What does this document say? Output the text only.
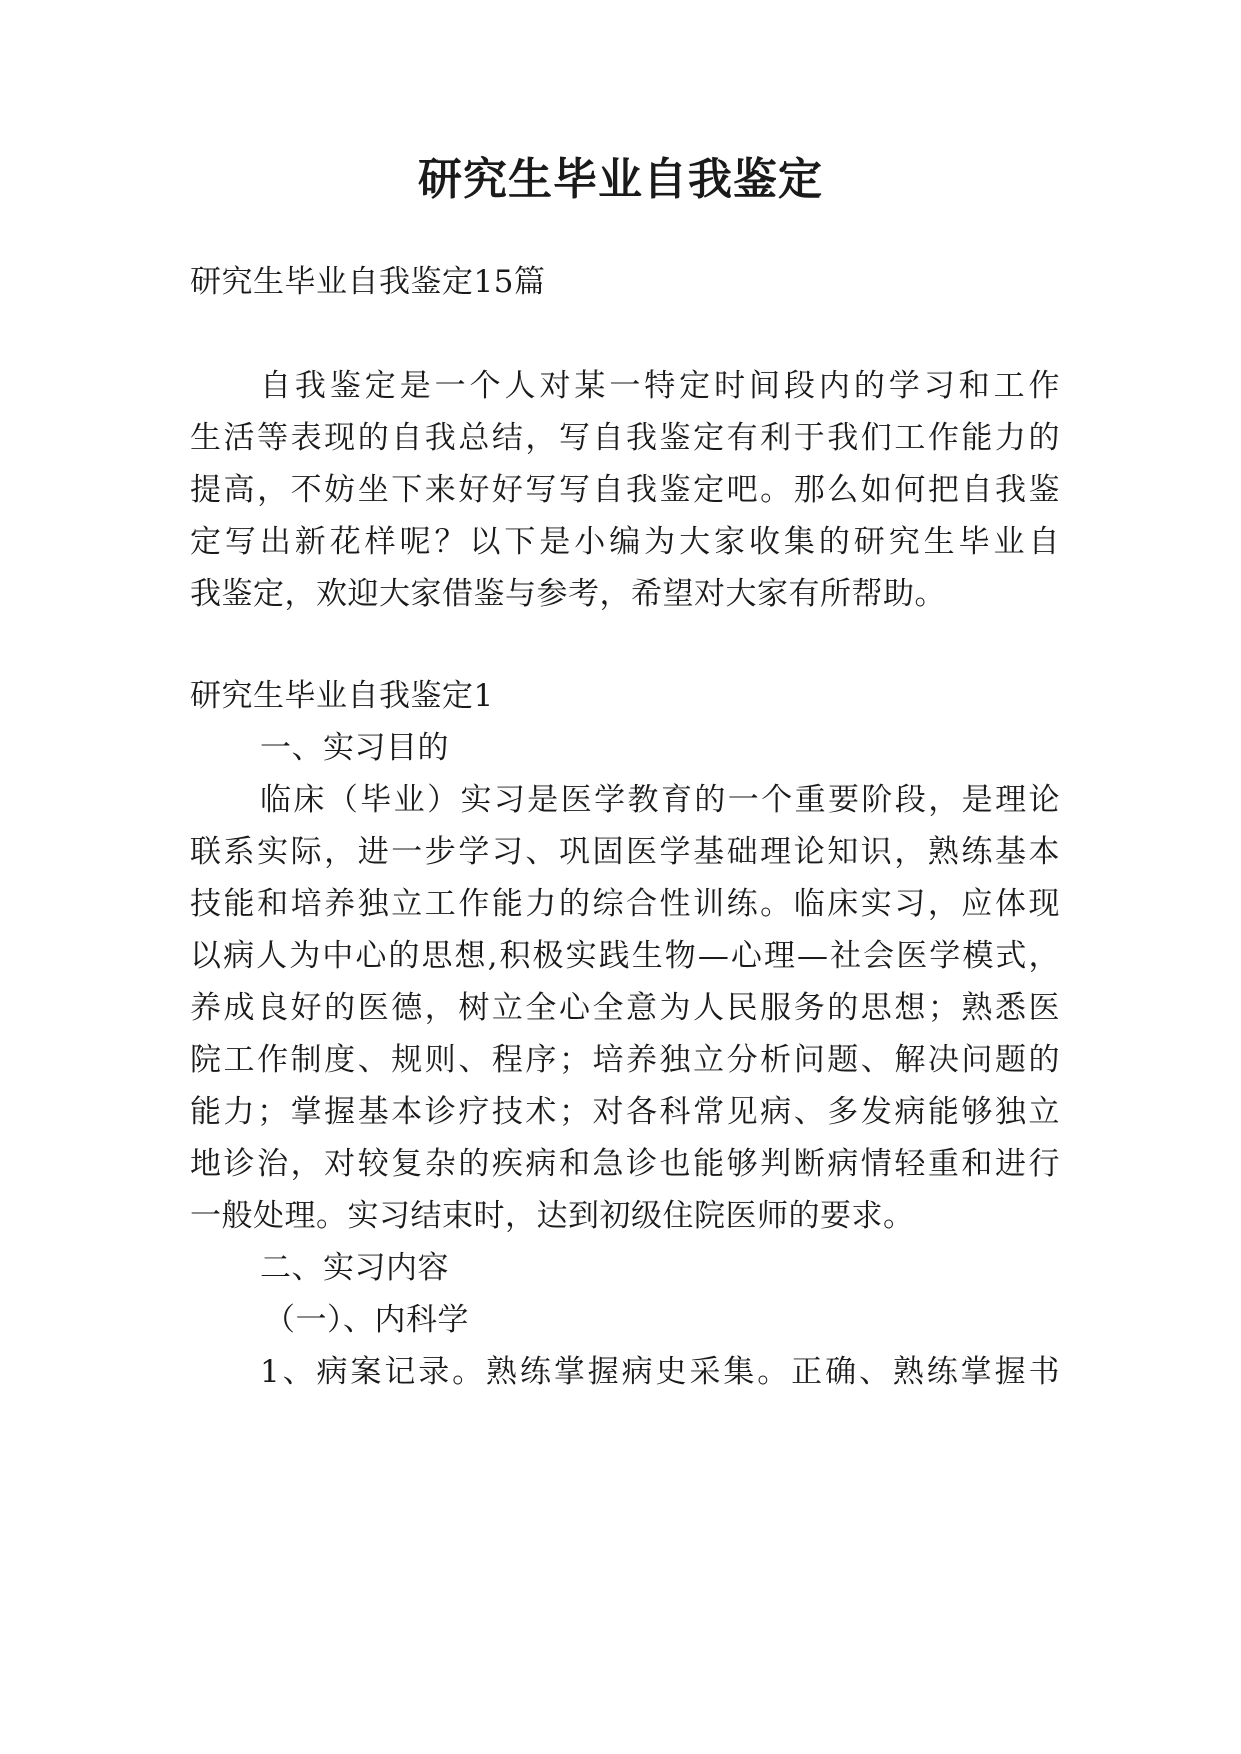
研究生毕业自我鉴定
研究生毕业自我鉴定15篇
自我鉴定是一个人对某一特定时间段内的学习和工作
生活等表现的自我总结，写自我鉴定有利于我们工作能力的
提高，不妨坐下来好好写写自我鉴定吧。那么如何把自我鉴
定写出新花样呢？以下是小编为大家收集的研究生毕业自
我鉴定，欢迎大家借鉴与参考，希望对大家有所帮助。
研究生毕业自我鉴定1
一、实习目的
临床（毕业）实习是医学教育的一个重要阶段，是理论
联系实际，进一步学习、巩固医学基础理论知识，熟练基本
技能和培养独立工作能力的综合性训练。临床实习，应体现
以病人为中心的思想,积极实践生物—心理—社会医学模式，
养成良好的医德，树立全心全意为人民服务的思想；熟悉医
院工作制度、规则、程序；培养独立分析问题、解决问题的
能力；掌握基本诊疗技术；对各科常见病、多发病能够独立
地诊治，对较复杂的疾病和急诊也能够判断病情轻重和进行
一般处理。实习结束时，达到初级住院医师的要求。
二、实习内容
（一）、内科学
1、病案记录。熟练掌握病史采集。正确、熟练掌握书
